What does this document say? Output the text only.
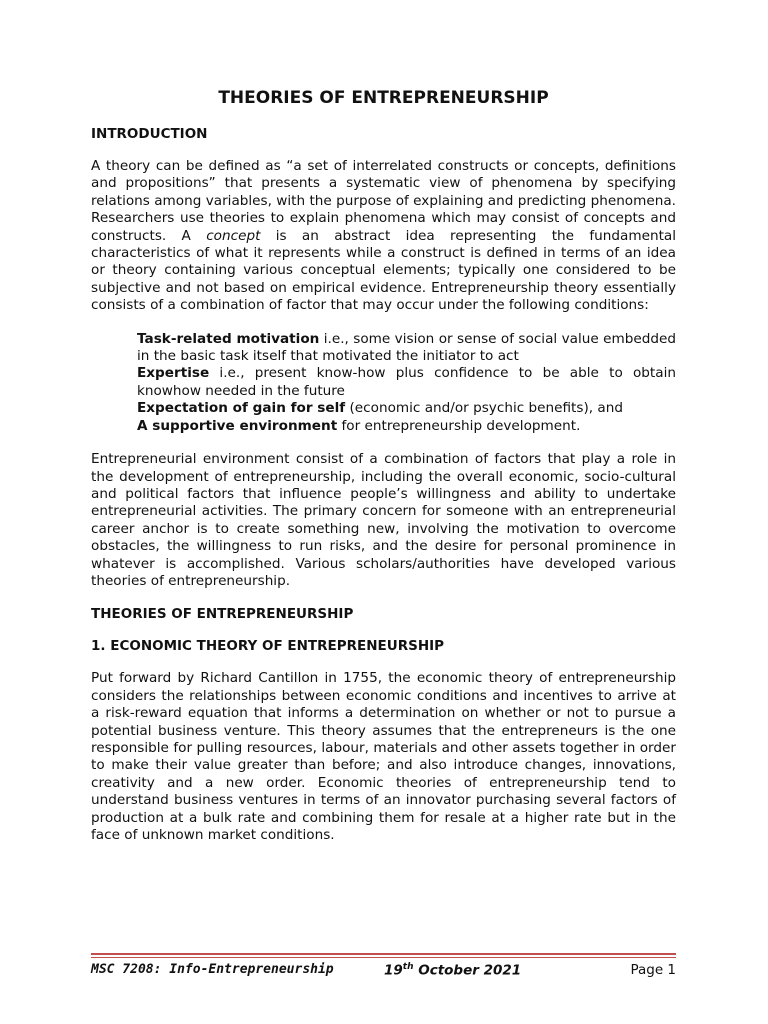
THEORIES OF ENTREPRENEURSHIP
INTRODUCTION

A theory can be defined as “a set of interrelated constructs or concepts, definitions and propositions” that presents a systematic view of phenomena by specifying relations among variables, with the purpose of explaining and predicting phenomena. Researchers use theories to explain phenomena which may consist of concepts and constructs. A concept is an abstract idea representing the fundamental characteristics of what it represents while a construct is defined in terms of an idea or theory containing various conceptual elements; typically one considered to be subjective and not based on empirical evidence. Entrepreneurship theory essentially consists of a combination of factor that may occur under the following conditions:

Task-related motivation i.e., some vision or sense of social value embedded in the basic task itself that motivated the initiator to act
Expertise i.e., present know-how plus confidence to be able to obtain knowhow needed in the future
Expectation of gain for self (economic and/or psychic benefits), and
A supportive environment for entrepreneurship development.

Entrepreneurial environment consist of a combination of factors that play a role in the development of entrepreneurship, including the overall economic, socio-cultural and political factors that influence people’s willingness and ability to undertake entrepreneurial activities. The primary concern for someone with an entrepreneurial career anchor is to create something new, involving the motivation to overcome obstacles, the willingness to run risks, and the desire for personal prominence in whatever is accomplished. Various scholars/authorities have developed various theories of entrepreneurship.

THEORIES OF ENTREPRENEURSHIP
1. ECONOMIC THEORY OF ENTREPRENEURSHIP

Put forward by Richard Cantillon in 1755, the economic theory of entrepreneurship considers the relationships between economic conditions and incentives to arrive at a risk-reward equation that informs a determination on whether or not to pursue a potential business venture. This theory assumes that the entrepreneurs is the one responsible for pulling resources, labour, materials and other assets together in order to make their value greater than before; and also introduce changes, innovations, creativity and a new order. Economic theories of entrepreneurship tend to understand business ventures in terms of an innovator purchasing several factors of production at a bulk rate and combining them for resale at a higher rate but in the face of unknown market conditions.

MSC 7208: Info-Entrepreneurship	19th October 2021	Page 1
